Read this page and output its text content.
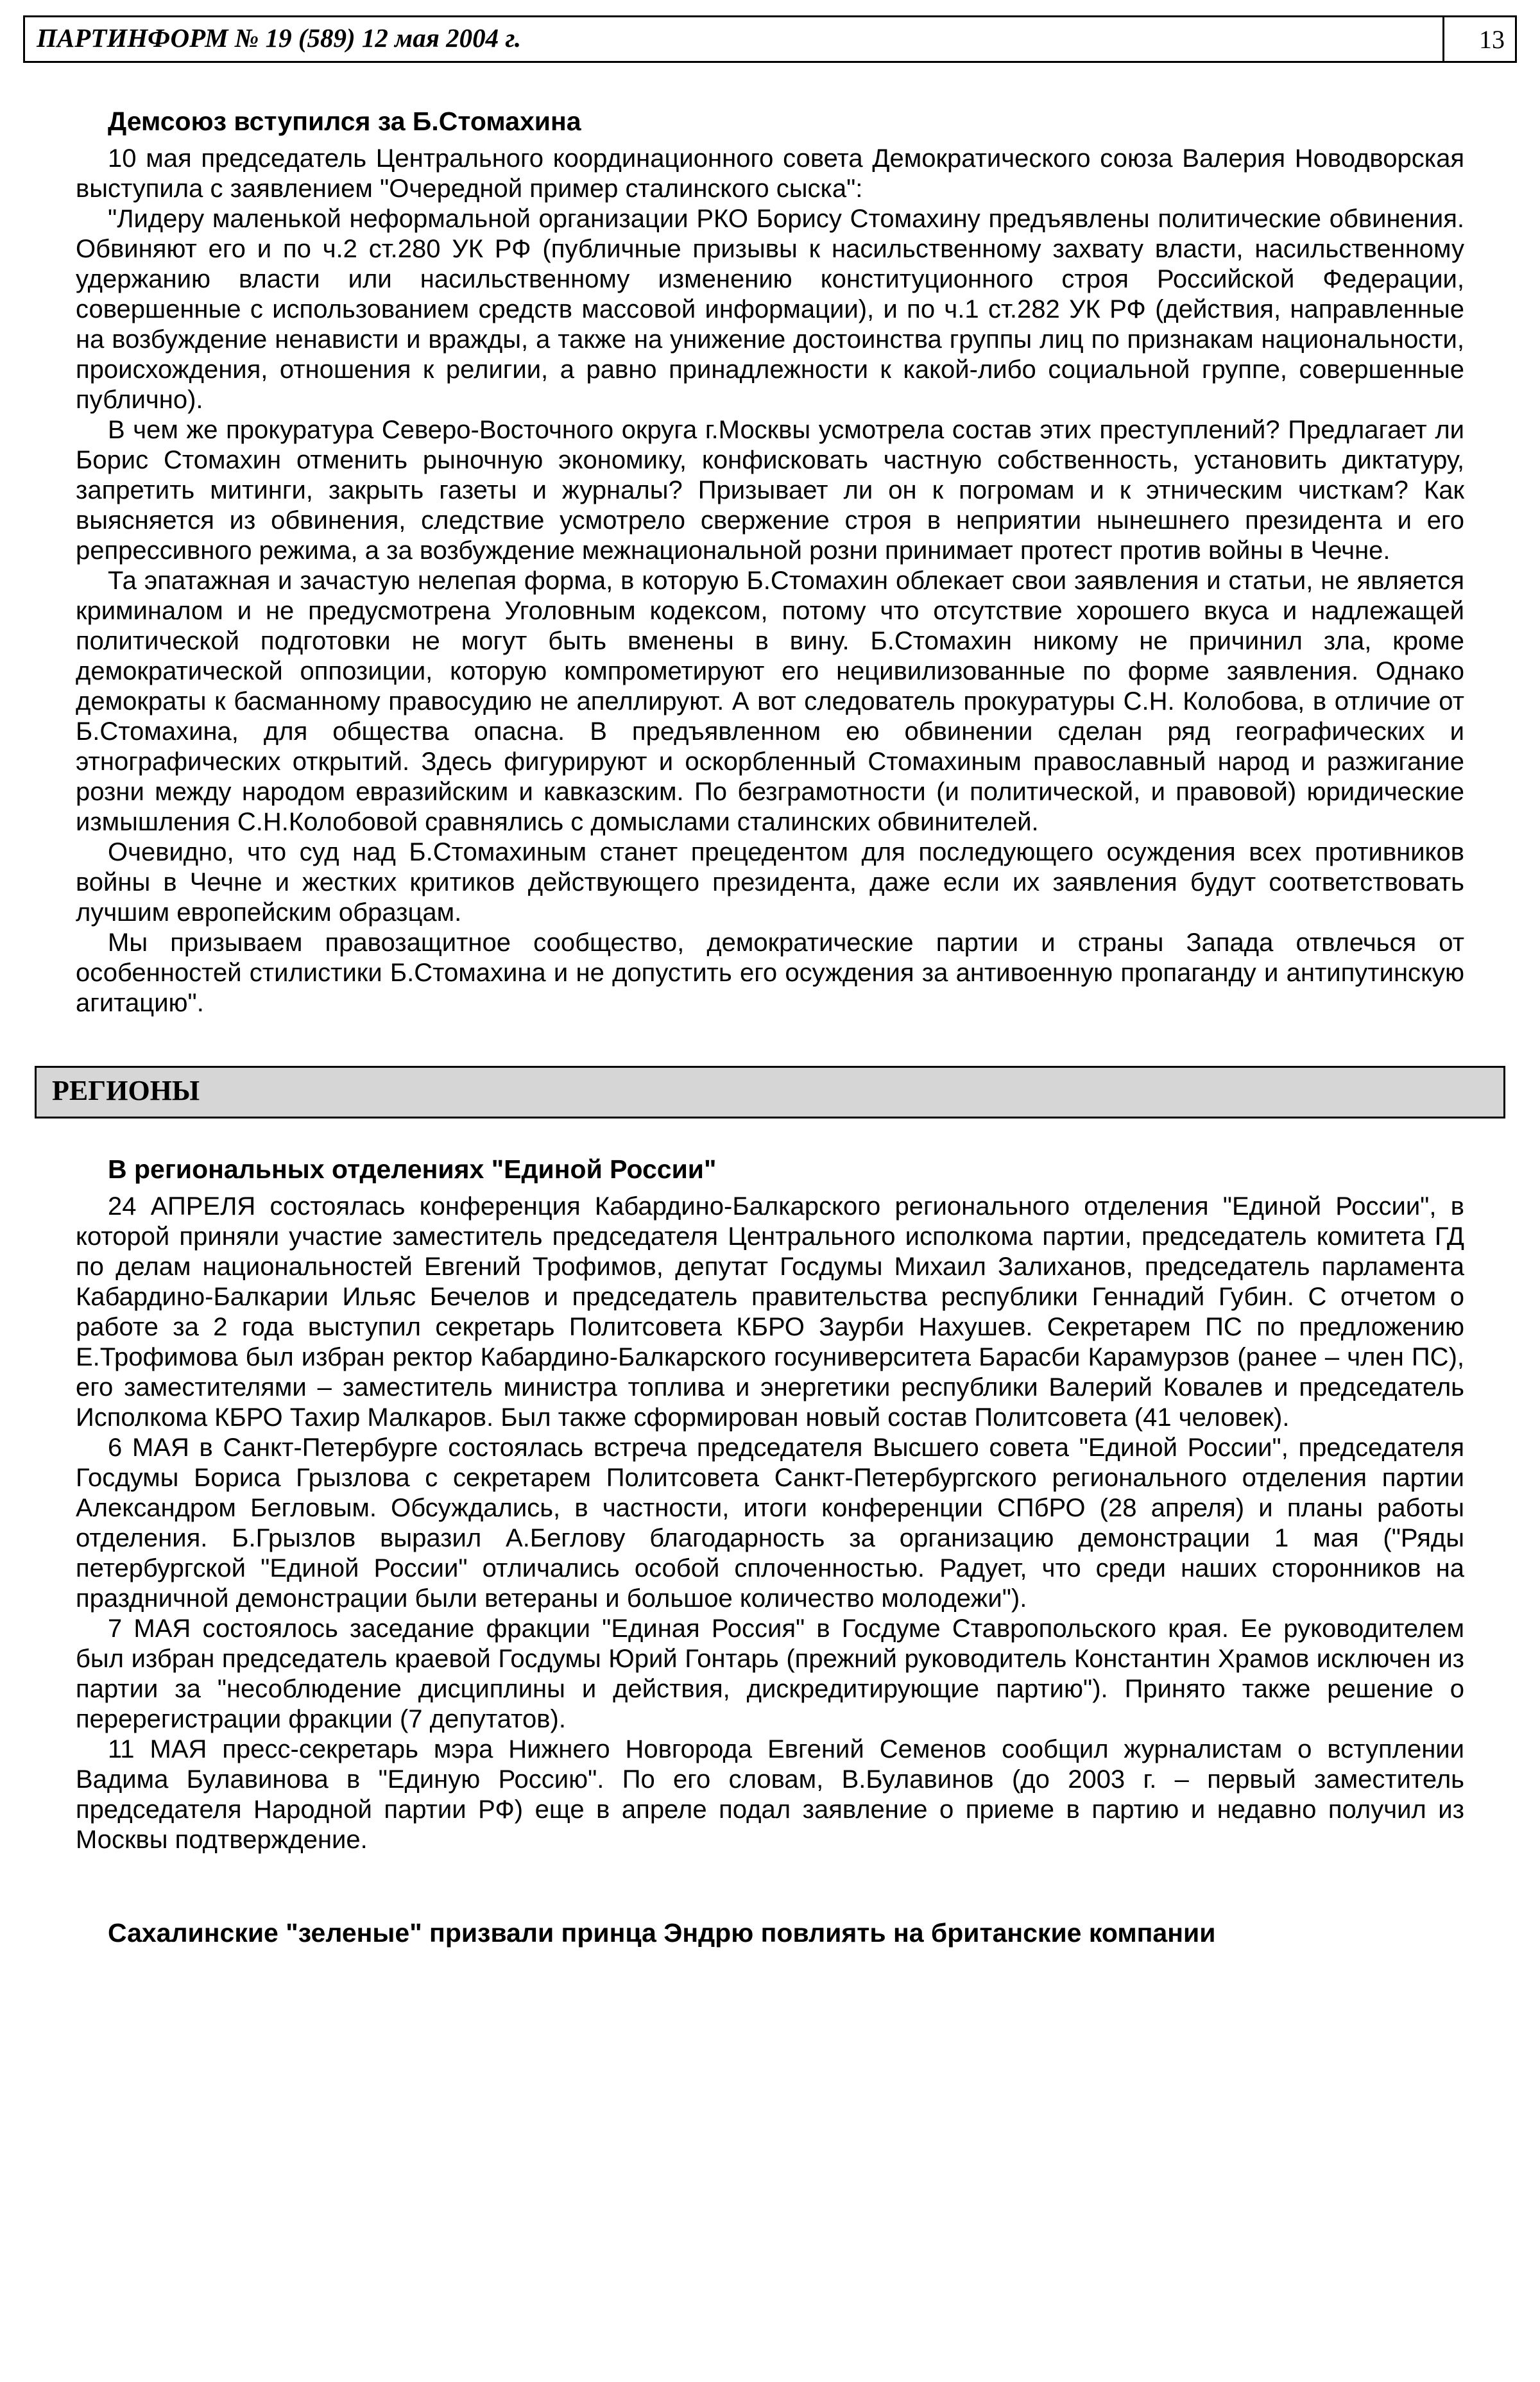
ПАРТИНФОРМ № 19 (589) 12 мая 2004 г.	13
Демсоюз вступился за Б.Стомахина

10 мая председатель Центрального координационного совета Демократического союза Валерия Новодворская выступила с заявлением "Очередной пример сталинского сыска":

"Лидеру маленькой неформальной организации РКО Борису Стомахину предъявлены политические обвинения. Обвиняют его и по ч.2 ст.280 УК РФ (публичные призывы к насильственному захвату власти, насильственному удержанию власти или насильственному изменению конституционного строя Российской Федерации, совершенные с использованием средств массовой информации), и по ч.1 ст.282 УК РФ (действия, направленные на возбуждение ненависти и вражды, а также на унижение достоинства группы лиц по признакам национальности, происхождения, отношения к религии, а равно принадлежности к какой-либо социальной группе, совершенные публично).

В чем же прокуратура Северо-Восточного округа г.Москвы усмотрела состав этих преступлений? Предлагает ли Борис Стомахин отменить рыночную экономику, конфисковать частную собственность, установить диктатуру, запретить митинги, закрыть газеты и журналы? Призывает ли он к погромам и к этническим чисткам? Как выясняется из обвинения, следствие усмотрело свержение строя в неприятии нынешнего президента и его репрессивного режима, а за возбуждение межнациональной розни принимает протест против войны в Чечне.

Та эпатажная и зачастую нелепая форма, в которую Б.Стомахин облекает свои заявления и статьи, не является криминалом и не предусмотрена Уголовным кодексом, потому что отсутствие хорошего вкуса и надлежащей политической подготовки не могут быть вменены в вину. Б.Стомахин никому не причинил зла, кроме демократической оппозиции, которую компрометируют его нецивилизованные по форме заявления. Однако демократы к басманному правосудию не апеллируют. А вот следователь прокуратуры С.Н. Колобова, в отличие от Б.Стомахина, для общества опасна. В предъявленном ею обвинении сделан ряд географических и этнографических открытий. Здесь фигурируют и оскорбленный Стомахиным православный народ и разжигание розни между народом евразийским и кавказским. По безграмотности (и политической, и правовой) юридические измышления С.Н.Колобовой сравнялись с домыслами сталинских обвинителей.

Очевидно, что суд над Б.Стомахиным станет прецедентом для последующего осуждения всех противников войны в Чечне и жестких критиков действующего президента, даже если их заявления будут соответствовать лучшим европейским образцам.

Мы призываем правозащитное сообщество, демократические партии и страны Запада отвлечься от особенностей стилистики Б.Стомахина и не допустить его осуждения за антивоенную пропаганду и антипутинскую агитацию".

РЕГИОНЫ
В региональных отделениях "Единой России"

24 АПРЕЛЯ состоялась конференция Кабардино-Балкарского регионального отделения "Единой России", в которой приняли участие заместитель председателя Центрального исполкома партии, председатель комитета ГД по делам национальностей Евгений Трофимов, депутат Госдумы Михаил Залиханов, председатель парламента Кабардино-Балкарии Ильяс Бечелов и председатель правительства республики Геннадий Губин. С отчетом о работе за 2 года выступил секретарь Политсовета КБРО Заурби Нахушев. Секретарем ПС по предложению Е.Трофимова был избран ректор Кабардино-Балкарского госуниверситета Барасби Карамурзов (ранее – член ПС), его заместителями – заместитель министра топлива и энергетики республики Валерий Ковалев и председатель Исполкома КБРО Тахир Малкаров. Был также сформирован новый состав Политсовета (41 человек).

6 МАЯ в Санкт-Петербурге состоялась встреча председателя Высшего совета "Единой России", председателя Госдумы Бориса Грызлова с секретарем Политсовета Санкт-Петербургского регионального отделения партии Александром Бегловым. Обсуждались, в частности, итоги конференции СПбРО (28 апреля) и планы работы отделения. Б.Грызлов выразил А.Беглову благодарность за организацию демонстрации 1 мая ("Ряды петербургской "Единой России" отличались особой сплоченностью. Радует, что среди наших сторонников на праздничной демонстрации были ветераны и большое количество молодежи").

7 МАЯ состоялось заседание фракции "Единая Россия" в Госдуме Ставропольского края. Ее руководителем был избран председатель краевой Госдумы Юрий Гонтарь (прежний руководитель Константин Храмов исключен из партии за "несоблюдение дисциплины и действия, дискредитирующие партию"). Принято также решение о перерегистрации фракции (7 депутатов).

11 МАЯ пресс-секретарь мэра Нижнего Новгорода Евгений Семенов сообщил журналистам о вступлении Вадима Булавинова в "Единую Россию". По его словам, В.Булавинов (до 2003 г. – первый заместитель председателя Народной партии РФ) еще в апреле подал заявление о приеме в партию и недавно получил из Москвы подтверждение.

Сахалинские "зеленые" призвали принца Эндрю повлиять на британские компании
